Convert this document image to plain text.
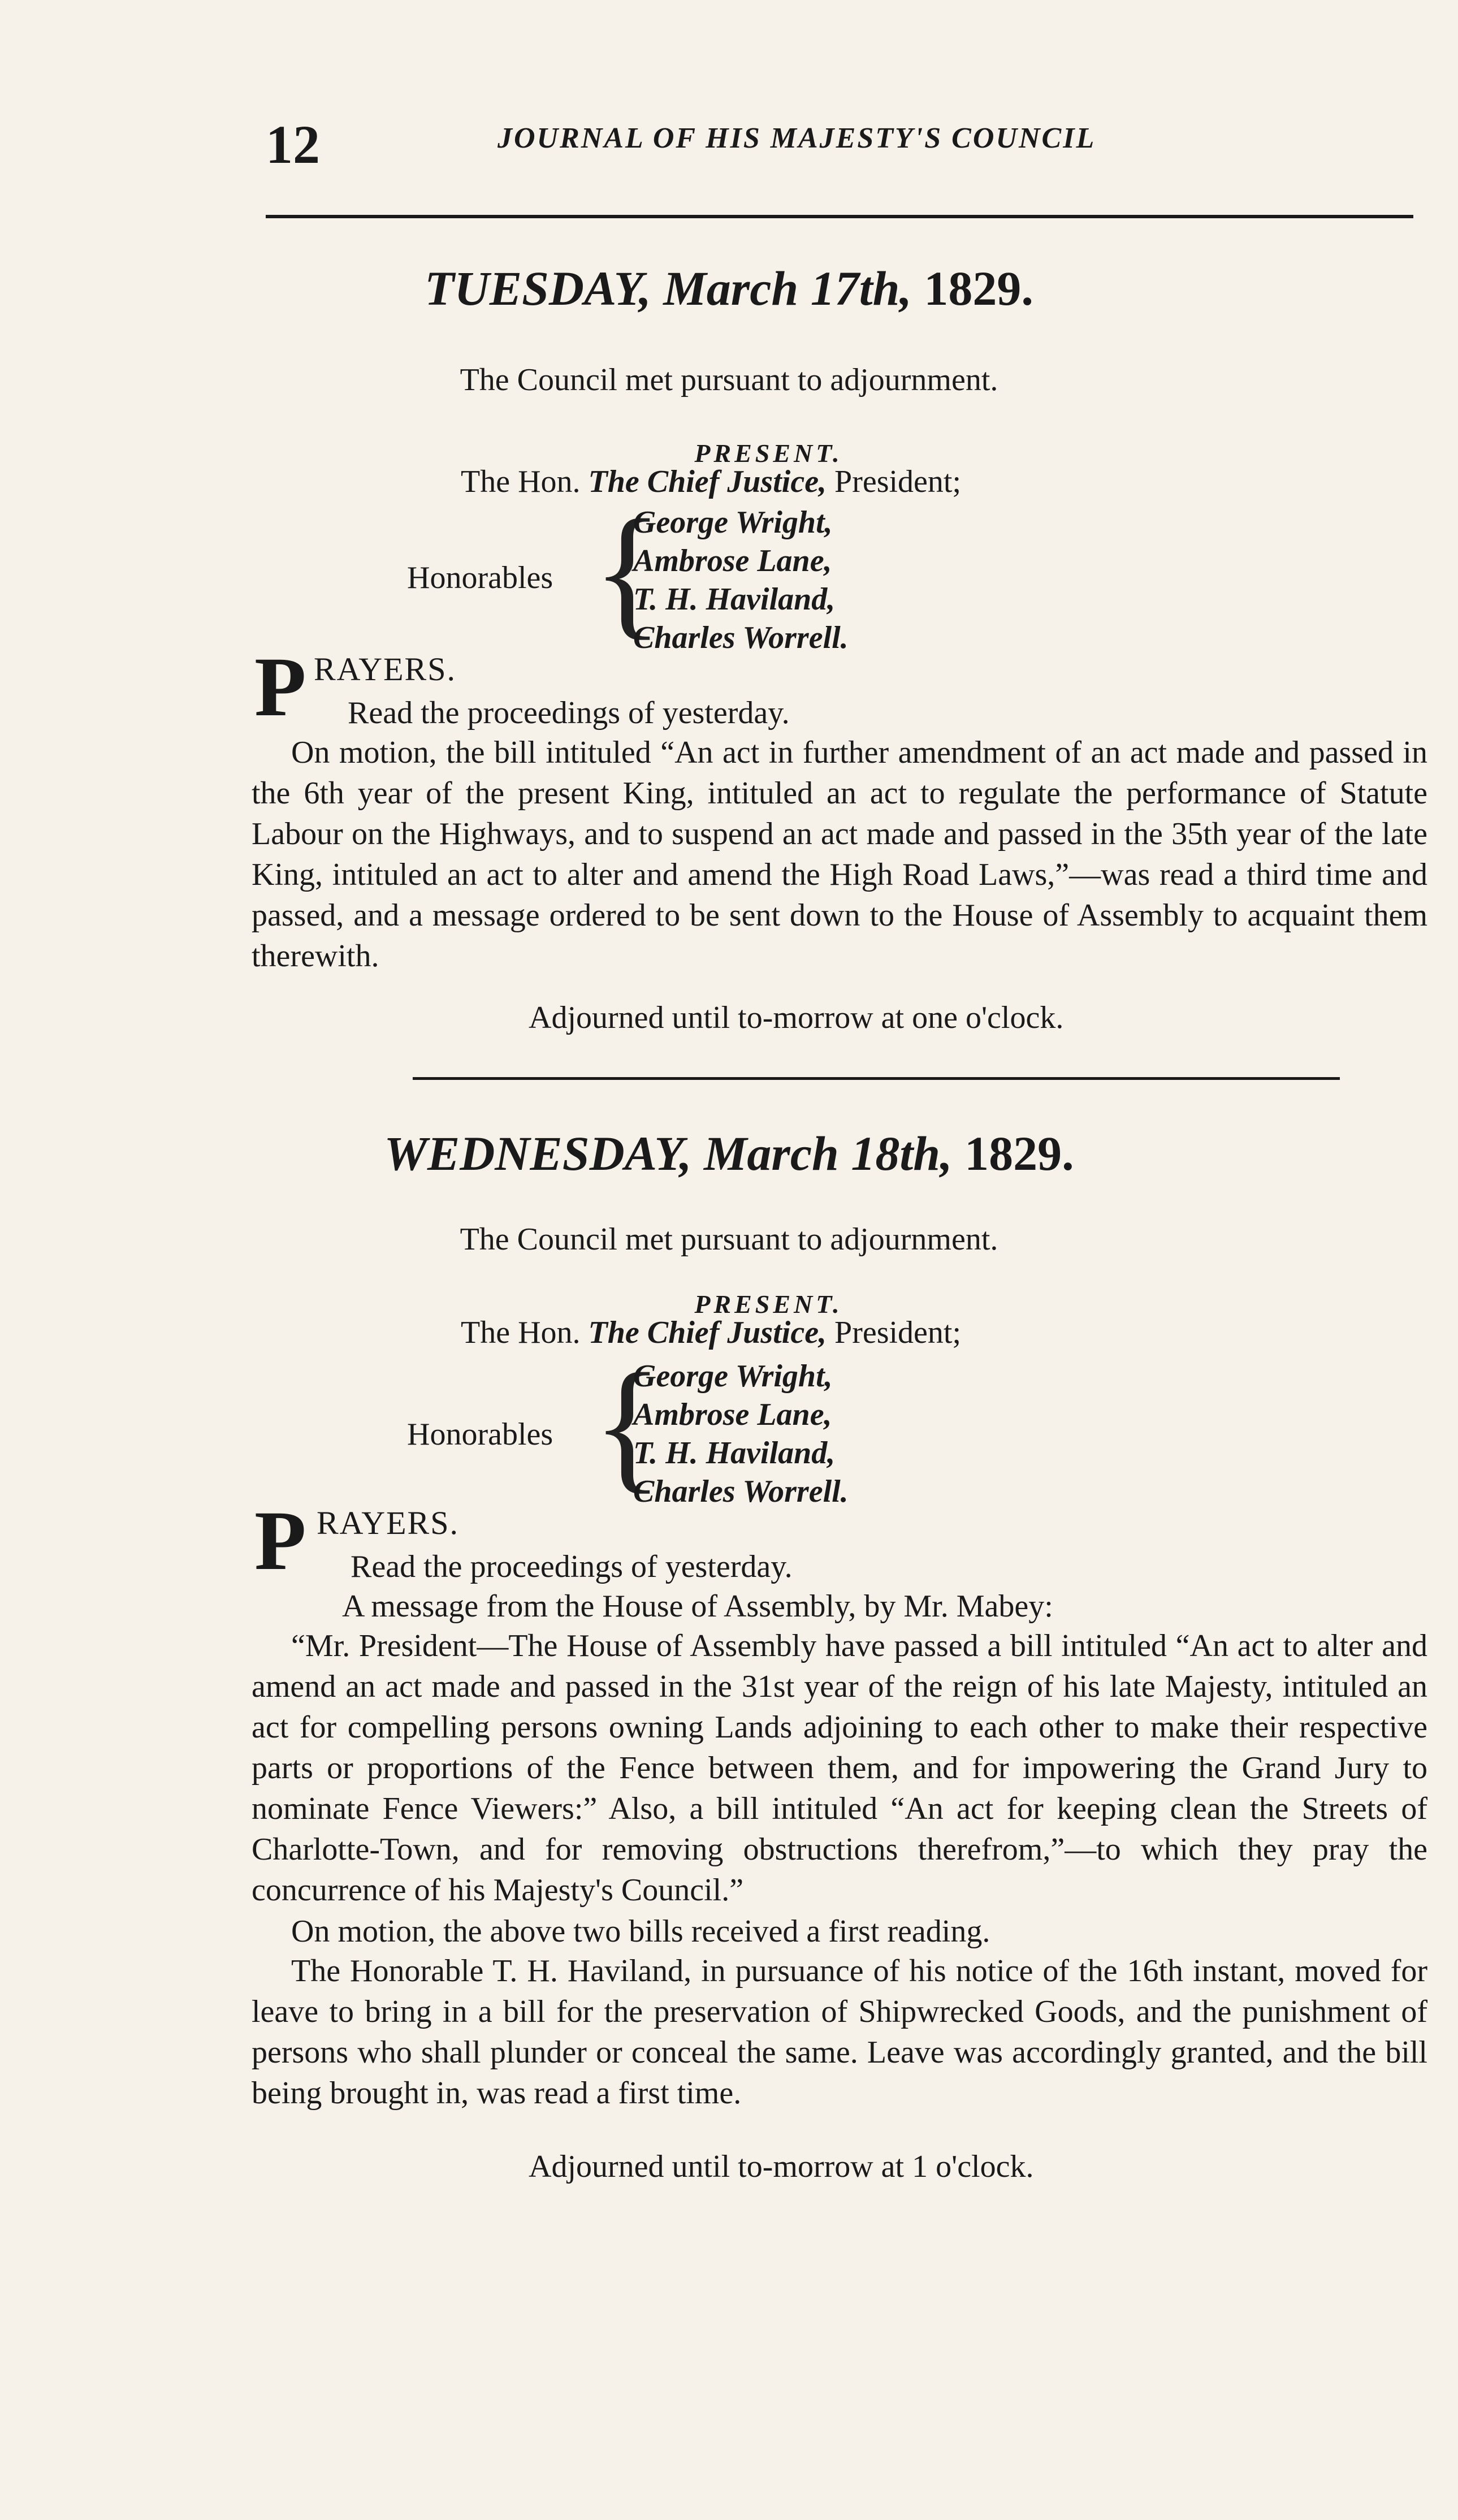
12	JOURNAL OF HIS MAJESTY'S COUNCIL
TUESDAY, March 17th, 1829.
The Council met pursuant to adjournment.
PRESENT.
The Hon. The Chief Justice, President;
Honorables {
George Wright,
Ambrose Lane,
T. H. Haviland,
Charles Worrell.
P RAYERS.
Read the proceedings of yesterday.
On motion, the bill intituled “An act in further amendment of an act made and passed in the 6th year of the present King, intituled an act to regulate the performance of Statute Labour on the Highways, and to suspend an act made and passed in the 35th year of the late King, intituled an act to alter and amend the High Road Laws,”—was read a third time and passed, and a message ordered to be sent down to the House of Assembly to acquaint them therewith.
Adjourned until to-morrow at one o'clock.
WEDNESDAY, March 18th, 1829.
The Council met pursuant to adjournment.
PRESENT.
The Hon. The Chief Justice, President;
Honorables {
George Wright,
Ambrose Lane,
T. H. Haviland,
Charles Worrell.
P RAYERS.
Read the proceedings of yesterday.
A message from the House of Assembly, by Mr. Mabey:
“Mr. President—The House of Assembly have passed a bill intituled “An act to alter and amend an act made and passed in the 31st year of the reign of his late Majesty, intituled an act for compelling persons owning Lands adjoining to each other to make their respective parts or proportions of the Fence between them, and for impowering the Grand Jury to nominate Fence Viewers:” Also, a bill intituled “An act for keeping clean the Streets of Charlotte-Town, and for removing obstructions therefrom,”—to which they pray the concurrence of his Majesty's Council.”
On motion, the above two bills received a first reading.
The Honorable T. H. Haviland, in pursuance of his notice of the 16th instant, moved for leave to bring in a bill for the preservation of Shipwrecked Goods, and the punishment of persons who shall plunder or conceal the same. Leave was accordingly granted, and the bill being brought in, was read a first time.
Adjourned until to-morrow at 1 o'clock.
